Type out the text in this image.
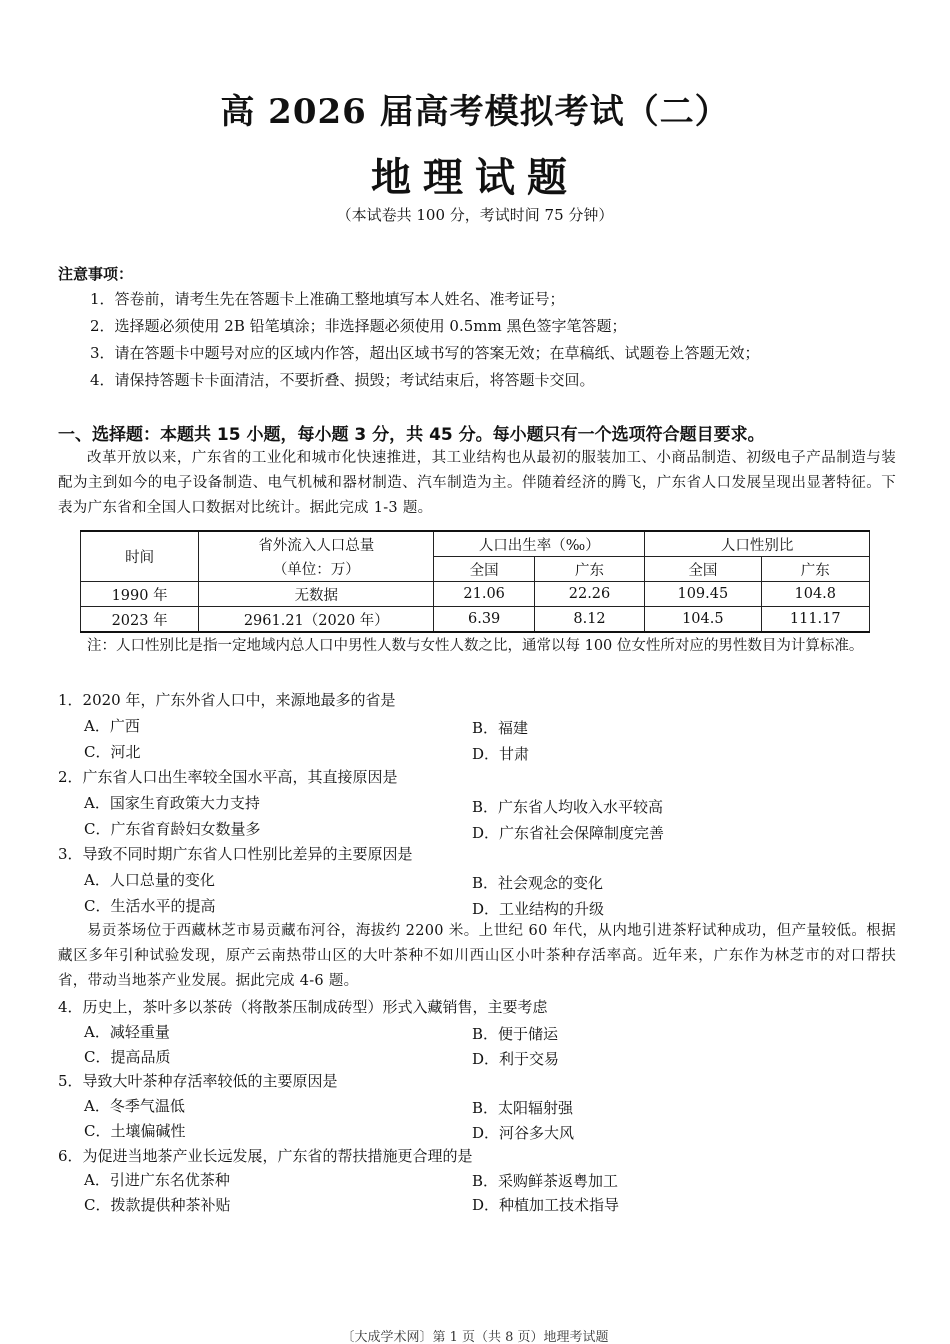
高 2026 届高考模拟考试（二）
地理试题
（本试卷共 100 分，考试时间 75 分钟）
注意事项：
1．答卷前，请考生先在答题卡上准确工整地填写本人姓名、准考证号；
2．选择题必须使用 2B 铅笔填涂；非选择题必须使用 0.5mm 黑色签字笔答题；
3．请在答题卡中题号对应的区域内作答，超出区域书写的答案无效；在草稿纸、试题卷上答题无效；
4．请保持答题卡卡面清洁，不要折叠、损毁；考试结束后，将答题卡交回。
一、选择题：本题共 15 小题，每小题 3 分，共 45 分。每小题只有一个选项符合题目要求。

改革开放以来，广东省的工业化和城市化快速推进，其工业结构也从最初的服装加工、小商品制造、初级电子产品制造与装配为主到如今的电子设备制造、电气机械和器材制造、汽车制造为主。伴随着经济的腾飞，广东省人口发展呈现出显著特征。下表为广东省和全国人口数据对比统计。据此完成 1-3 题。

时间	省外流入人口总量	人口出生率（‰）		人口性别比	
	（单位：万）	全国	广东	全国	广东
1990 年	无数据	21.06	22.26	109.45	104.8
2023 年	2961.21（2020 年）	6.39	8.12	104.5	111.17
注：人口性别比是指一定地域内总人口中男性人数与女性人数之比，通常以每 100 位女性所对应的男性数目为计算标准。
1．2020 年，广东外省人口中，来源地最多的省是
A．广西	B．福建
C．河北	D．甘肃
2．广东省人口出生率较全国水平高，其直接原因是
A．国家生育政策大力支持	B．广东省人均收入水平较高
C．广东省育龄妇女数量多	D．广东省社会保障制度完善
3．导致不同时期广东省人口性别比差异的主要原因是
A．人口总量的变化	B．社会观念的变化
C．生活水平的提高	D．工业结构的升级

易贡茶场位于西藏林芝市易贡藏布河谷，海拔约 2200 米。上世纪 60 年代，从内地引进茶籽试种成功，但产量较低。根据藏区多年引种试验发现，原产云南热带山区的大叶茶种不如川西山区小叶茶种存活率高。近年来，广东作为林芝市的对口帮扶省，带动当地茶产业发展。据此完成 4-6 题。

4．历史上，茶叶多以茶砖（将散茶压制成砖型）形式入藏销售，主要考虑
A．减轻重量	B．便于储运
C．提高品质	D．利于交易
5．导致大叶茶种存活率较低的主要原因是
A．冬季气温低	B．太阳辐射强
C．土壤偏碱性	D．河谷多大风
6．为促进当地茶产业长远发展，广东省的帮扶措施更合理的是
A．引进广东名优茶种	B．采购鲜茶返粤加工
C．拨款提供种茶补贴	D．种植加工技术指导
〔大成学术网〕第 1 页（共 8 页）地理考试题
